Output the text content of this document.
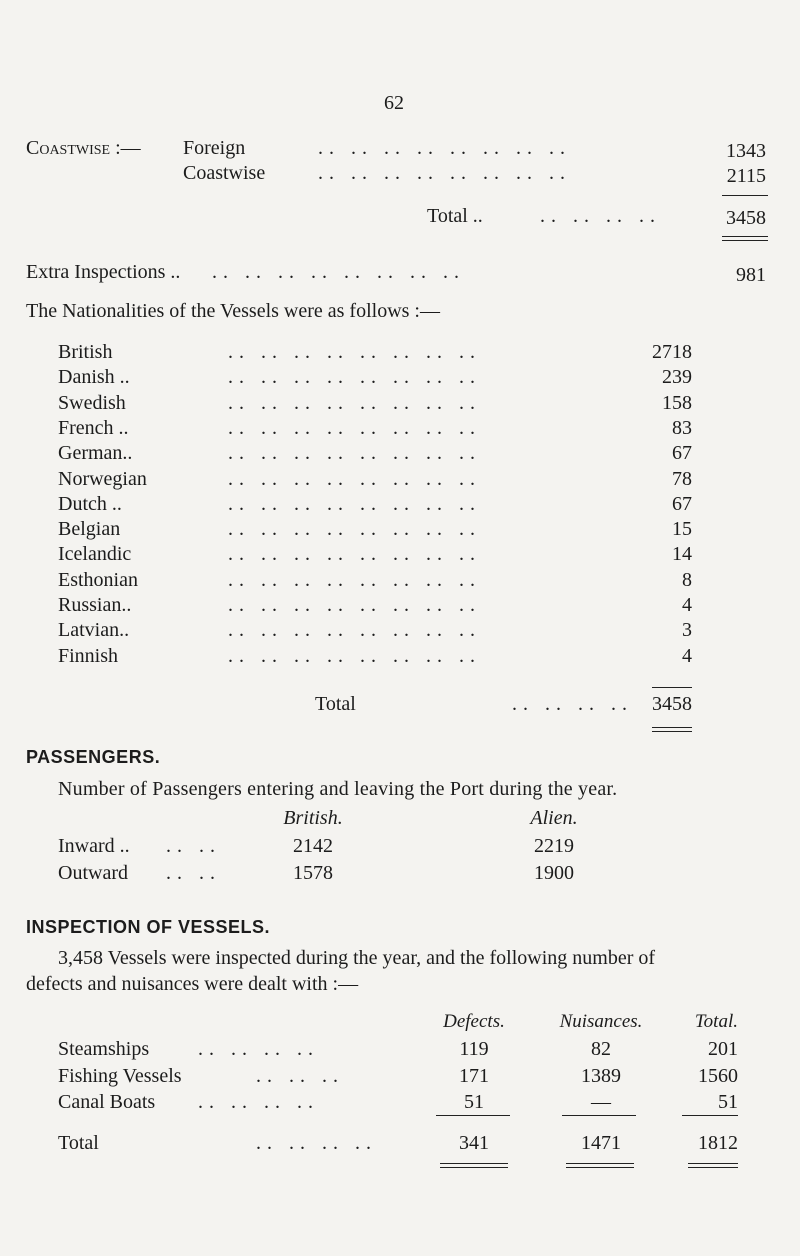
62
Coastwise :— Foreign	.. .. .. .. .. .. .. ..	1343
Coastwise	.. .. .. .. .. .. .. ..	2115
Total ..	.. .. .. ..	3458
Extra Inspections .. .. .. .. .. .. .. .. ..	981
The Nationalities of the Vessels were as follows :—
British	.. .. .. .. .. .. .. ..	2718
Danish ..	.. .. .. .. .. .. .. ..	239
Swedish	.. .. .. .. .. .. .. ..	158
French ..	.. .. .. .. .. .. .. ..	83
German..	.. .. .. .. .. .. .. ..	67
Norwegian	.. .. .. .. .. .. .. ..	78
Dutch ..	.. .. .. .. .. .. .. ..	67
Belgian	.. .. .. .. .. .. .. ..	15
Icelandic	.. .. .. .. .. .. .. ..	14
Esthonian	.. .. .. .. .. .. .. ..	8
Russian..	.. .. .. .. .. .. .. ..	4
Latvian..	.. .. .. .. .. .. .. ..	3
Finnish	.. .. .. .. .. .. .. ..	4
Total	.. .. .. .. 3458
PASSENGERS.
Number of Passengers entering and leaving the Port during the year.
British.	Alien.
Inward .. .. ..	2142	2219
Outward .. ..	1578	1900
INSPECTION OF VESSELS.
3,458 Vessels were inspected during the year, and the following number of
defects and nuisances were dealt with :—
Defects.	Nuisances.	Total.
Steamships .. .. .. ..	119	82	201
Fishing Vessels	.. .. ..	171	1389	1560
Canal Boats .. .. .. ..	51	—	51
Total	.. .. .. ..	341	1471	1812
